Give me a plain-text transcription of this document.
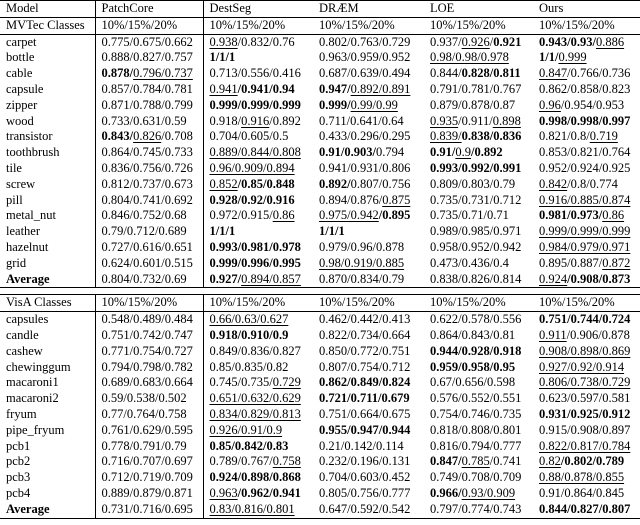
Model	PatchCore	DestSeg	DRÆM	LOE	Ours
MVTec Classes	10%/15%/20%	10%/15%/20%	10%/15%/20%	10%/15%/20%	10%/15%/20%
carpet	0.775/0.675/0.662	0.938/0.832/0.76	0.802/0.763/0.729	0.937/0.926/0.921	0.943/0.93/0.886
bottle	0.888/0.827/0.757	1/1/1	0.963/0.959/0.952	0.98/0.98/0.978	1/1/0.999
cable	0.878/0.796/0.737	0.713/0.556/0.416	0.687/0.639/0.494	0.844/0.828/0.811	0.847/0.766/0.736
capsule	0.857/0.784/0.781	0.941/0.941/0.94	0.947/0.892/0.891	0.791/0.781/0.767	0.862/0.858/0.823
zipper	0.871/0.788/0.799	0.999/0.999/0.999	0.999/0.99/0.99	0.879/0.878/0.87	0.96/0.954/0.953
wood	0.733/0.631/0.59	0.918/0.916/0.892	0.711/0.641/0.64	0.935/0.911/0.898	0.998/0.998/0.997
transistor	0.843/0.826/0.708	0.704/0.605/0.5	0.433/0.296/0.295	0.839/0.838/0.836	0.821/0.8/0.719
toothbrush	0.864/0.745/0.733	0.889/0.844/0.808	0.91/0.903/0.794	0.91/0.9/0.892	0.853/0.821/0.764
tile	0.836/0.756/0.726	0.96/0.909/0.894	0.941/0.931/0.806	0.993/0.992/0.991	0.952/0.924/0.925
screw	0.812/0.737/0.673	0.852/0.85/0.848	0.892/0.807/0.756	0.809/0.803/0.79	0.842/0.8/0.774
pill	0.804/0.741/0.692	0.928/0.92/0.916	0.894/0.876/0.875	0.735/0.731/0.712	0.916/0.885/0.874
metal_nut	0.846/0.752/0.68	0.972/0.915/0.86	0.975/0.942/0.895	0.735/0.71/0.71	0.981/0.973/0.86
leather	0.79/0.712/0.689	1/1/1	1/1/1	0.989/0.985/0.971	0.999/0.999/0.999
hazelnut	0.727/0.616/0.651	0.993/0.981/0.978	0.979/0.96/0.878	0.958/0.952/0.942	0.984/0.979/0.971
grid	0.624/0.601/0.515	0.999/0.996/0.995	0.98/0.919/0.885	0.473/0.436/0.4	0.895/0.887/0.872
Average	0.804/0.732/0.69	0.927/0.894/0.857	0.870/0.834/0.79	0.838/0.826/0.814	0.924/0.908/0.873

VisA Classes	10%/15%/20%	10%/15%/20%	10%/15%/20%	10%/15%/20%	10%/15%/20%
capsules	0.548/0.489/0.484	0.66/0.63/0.627	0.462/0.442/0.413	0.622/0.578/0.556	0.751/0.744/0.724
candle	0.751/0.742/0.747	0.918/0.910/0.9	0.822/0.734/0.664	0.864/0.843/0.81	0.911/0.906/0.878
cashew	0.771/0.754/0.727	0.849/0.836/0.827	0.850/0.772/0.751	0.944/0.928/0.918	0.908/0.898/0.869
chewinggum	0.794/0.798/0.782	0.85/0.835/0.82	0.807/0.754/0.712	0.959/0.958/0.95	0.927/0.92/0.914
macaroni1	0.689/0.683/0.664	0.745/0.735/0.729	0.862/0.849/0.824	0.67/0.656/0.598	0.806/0.738/0.729
macaroni2	0.59/0.538/0.502	0.651/0.632/0.629	0.721/0.711/0.679	0.576/0.552/0.551	0.623/0.597/0.581
fryum	0.77/0.764/0.758	0.834/0.829/0.813	0.751/0.664/0.675	0.754/0.746/0.735	0.931/0.925/0.912
pipe_fryum	0.761/0.629/0.595	0.926/0.91/0.9	0.955/0.947/0.944	0.818/0.808/0.801	0.915/0.908/0.897
pcb1	0.778/0.791/0.79	0.85/0.842/0.83	0.21/0.142/0.114	0.816/0.794/0.777	0.822/0.817/0.784
pcb2	0.716/0.707/0.697	0.789/0.767/0.758	0.232/0.196/0.131	0.847/0.785/0.741	0.82/0.802/0.789
pcb3	0.712/0.719/0.709	0.924/0.898/0.868	0.704/0.603/0.452	0.749/0.708/0.709	0.88/0.878/0.855
pcb4	0.889/0.879/0.871	0.963/0.962/0.941	0.805/0.756/0.777	0.966/0.93/0.909	0.91/0.864/0.845
Average	0.731/0.716/0.695	0.83/0.816/0.801	0.647/0.592/0.542	0.797/0.774/0.743	0.844/0.827/0.807
